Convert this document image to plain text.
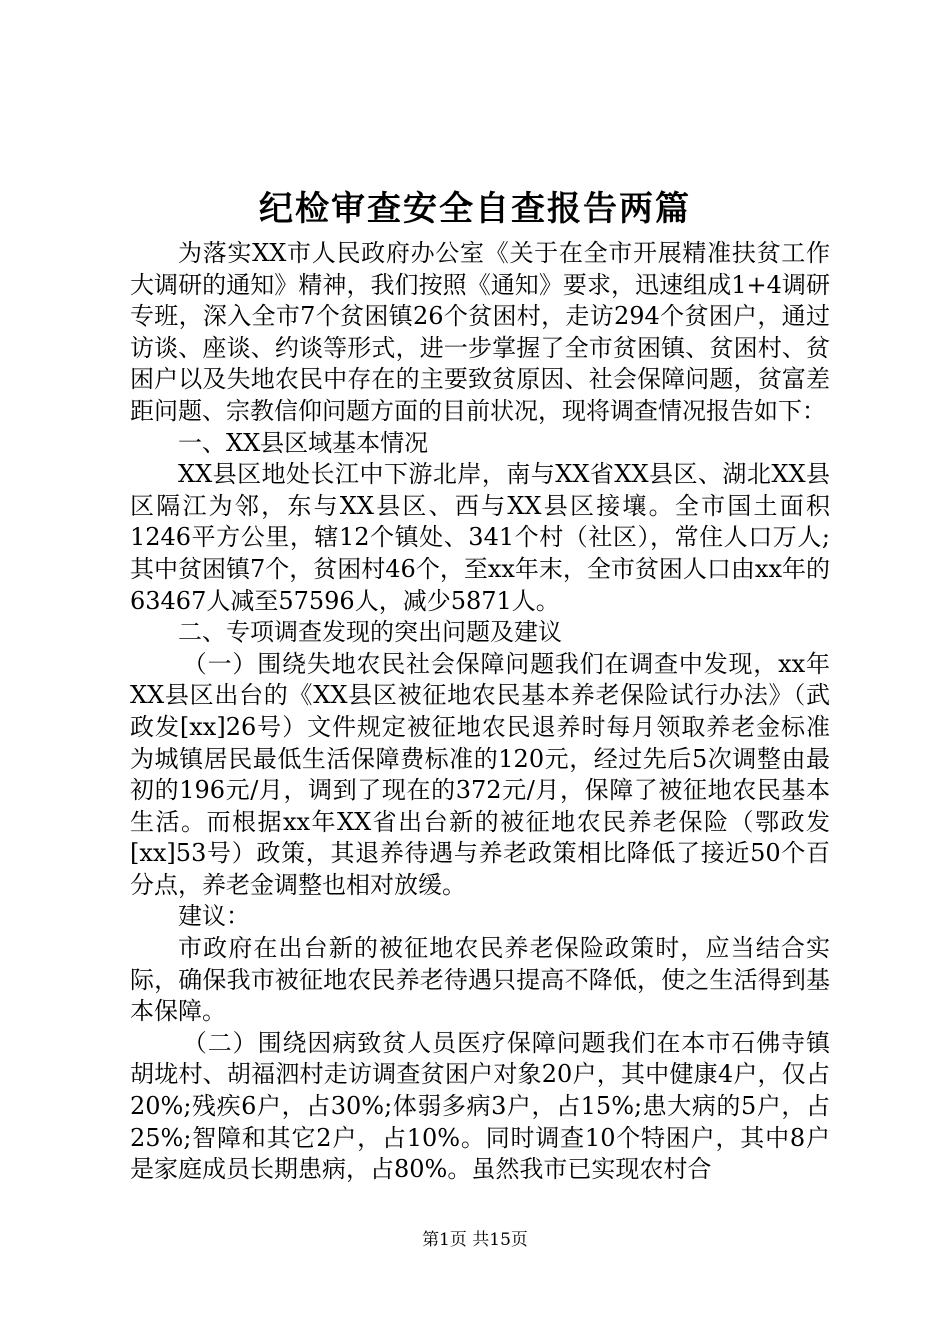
纪检审查安全自查报告两篇

为落实XX市人民政府办公室《关于在全市开展精准扶贫工作大调研的通知》精神，我们按照《通知》要求，迅速组成1+4调研专班，深入全市7个贫困镇26个贫困村，走访294个贫困户，通过访谈、座谈、约谈等形式，进一步掌握了全市贫困镇、贫困村、贫困户以及失地农民中存在的主要致贫原因、社会保障问题，贫富差距问题、宗教信仰问题方面的目前状况，现将调查情况报告如下：

一、XX县区域基本情况

XX县区地处长江中下游北岸，南与XX省XX县区、湖北XX县区隔江为邻，东与XX县区、西与XX县区接壤。全市国土面积1246平方公里，辖12个镇处、341个村（社区），常住人口万人;其中贫困镇7个，贫困村46个，至xx年末，全市贫困人口由xx年的63467人减至57596人，减少5871人。

二、专项调查发现的突出问题及建议

（一）围绕失地农民社会保障问题我们在调查中发现，xx年XX县区出台的《XX县区被征地农民基本养老保险试行办法》（武政发[xx]26号）文件规定被征地农民退养时每月领取养老金标准为城镇居民最低生活保障费标准的120元，经过先后5次调整由最初的196元/月，调到了现在的372元/月，保障了被征地农民基本生活。而根据xx年XX省出台新的被征地农民养老保险（鄂政发[xx]53号）政策，其退养待遇与养老政策相比降低了接近50个百分点，养老金调整也相对放缓。

建议：

市政府在出台新的被征地农民养老保险政策时，应当结合实际，确保我市被征地农民养老待遇只提高不降低，使之生活得到基本保障。

（二）围绕因病致贫人员医疗保障问题我们在本市石佛寺镇胡垅村、胡福泗村走访调查贫困户对象20户，其中健康4户，仅占20%;残疾6户，占30%;体弱多病3户，占15%;患大病的5户，占25%;智障和其它2户，占10%。同时调查10个特困户，其中8户是家庭成员长期患病，占80%。虽然我市已实现农村合

第1页 共15页
